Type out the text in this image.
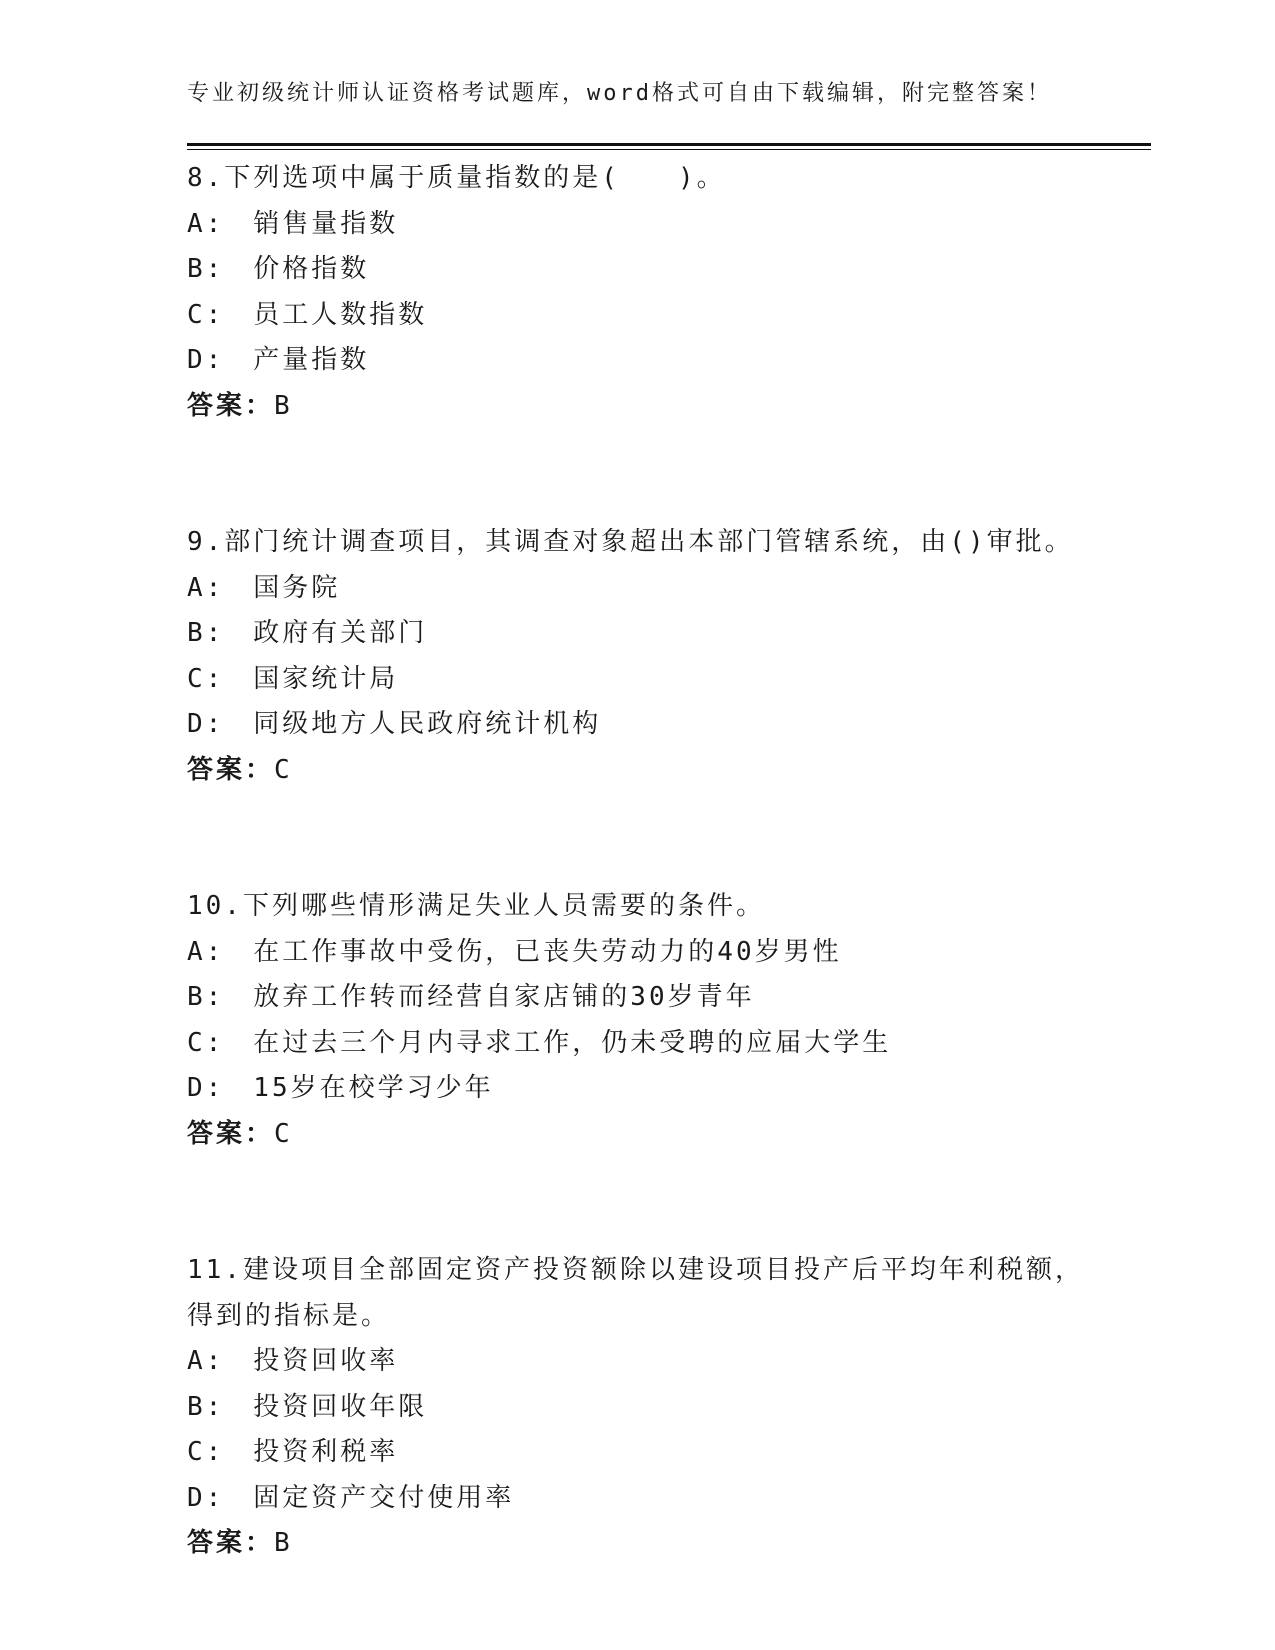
专业初级统计师认证资格考试题库，word格式可自由下载编辑，附完整答案！
8.下列选项中属于质量指数的是(　　)。
A:　销售量指数
B:　价格指数
C:　员工人数指数
D:　产量指数
答案：B
9.部门统计调查项目，其调查对象超出本部门管辖系统，由()审批。
A:　国务院
B:　政府有关部门
C:　国家统计局
D:　同级地方人民政府统计机构
答案：C
10.下列哪些情形满足失业人员需要的条件。
A:　在工作事故中受伤，已丧失劳动力的40岁男性
B:　放弃工作转而经营自家店铺的30岁青年
C:　在过去三个月内寻求工作，仍未受聘的应届大学生
D:　15岁在校学习少年
答案：C
11.建设项目全部固定资产投资额除以建设项目投产后平均年利税额，
得到的指标是。
A:　投资回收率
B:　投资回收年限
C:　投资利税率
D:　固定资产交付使用率
答案：B
